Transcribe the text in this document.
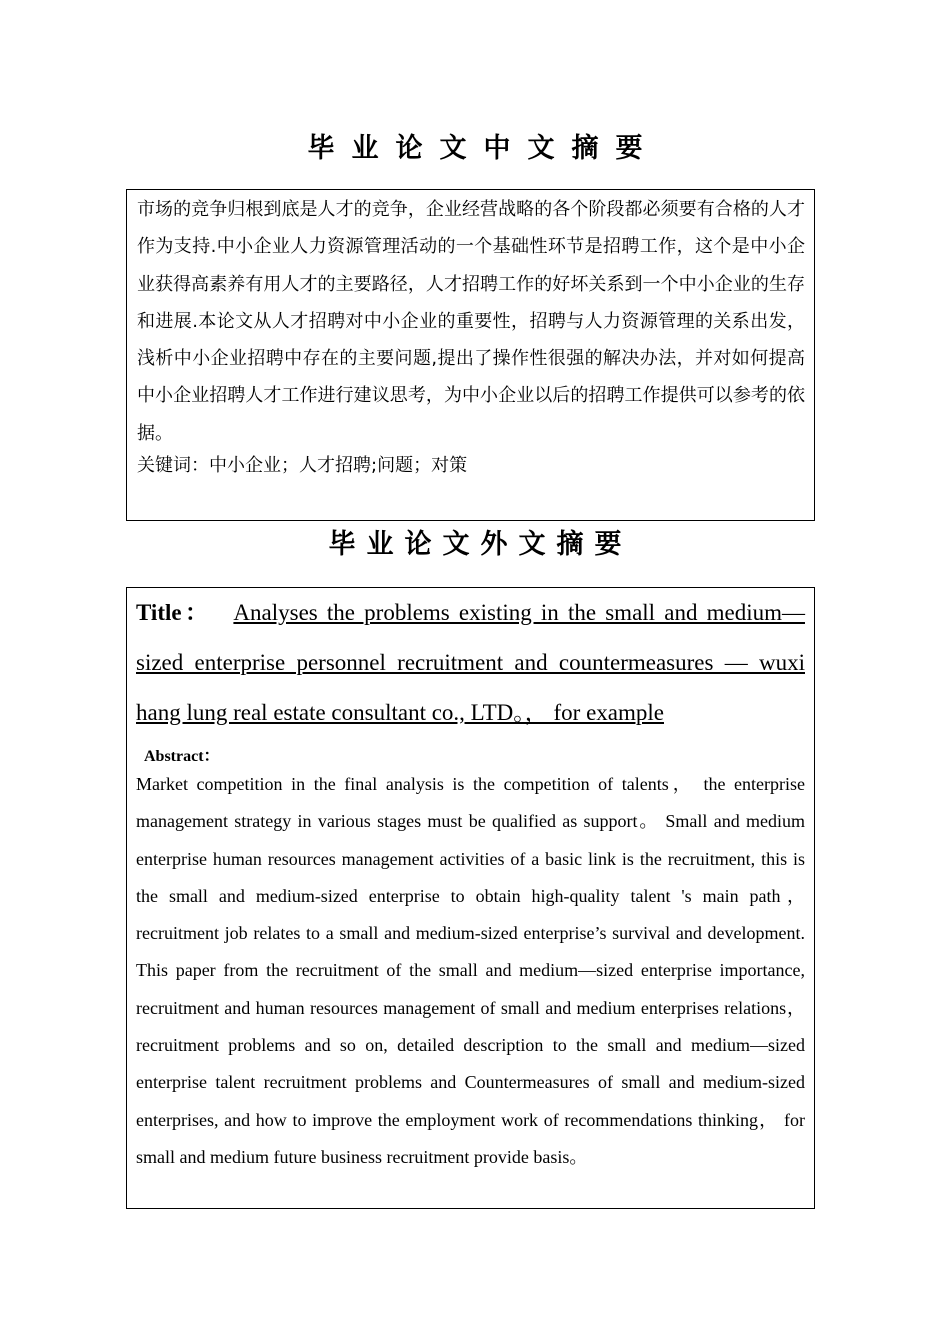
毕业论文中文摘要

市场的竞争归根到底是人才的竞争，企业经营战略的各个阶段都必须要有合格的人才作为支持.中小企业人力资源管理活动的一个基础性环节是招聘工作，这个是中小企业获得高素养有用人才的主要路径，人才招聘工作的好坏关系到一个中小企业的生存和进展.本论文从人才招聘对中小企业的重要性，招聘与人力资源管理的关系出发，浅析中小企业招聘中存在的主要问题,提出了操作性很强的解决办法，并对如何提高中小企业招聘人才工作进行建议思考，为中小企业以后的招聘工作提供可以参考的依据。

关键词：中小企业；人才招聘;问题；对策

毕业论文外文摘要

Title： Analyses the problems existing in the small and medium—sized enterprise personnel recruitment and countermeasures — wuxi hang lung real estate consultant co., LTD。， for example

Abstract：

Market competition in the final analysis is the competition of talents， the enterprise management strategy in various stages must be qualified as support。 Small and medium enterprise human resources management activities of a basic link is the recruitment, this is the small and medium-sized enterprise to obtain high-quality talent 's main path， recruitment job relates to a small and medium-sized enterprise’s survival and development. This paper from the recruitment of the small and medium—sized enterprise importance, recruitment and human resources management of small and medium enterprises relations， recruitment problems and so on, detailed description to the small and medium—sized enterprise talent recruitment problems and Countermeasures of small and medium-sized enterprises, and how to improve the employment work of recommendations thinking， for small and medium future business recruitment provide basis。
